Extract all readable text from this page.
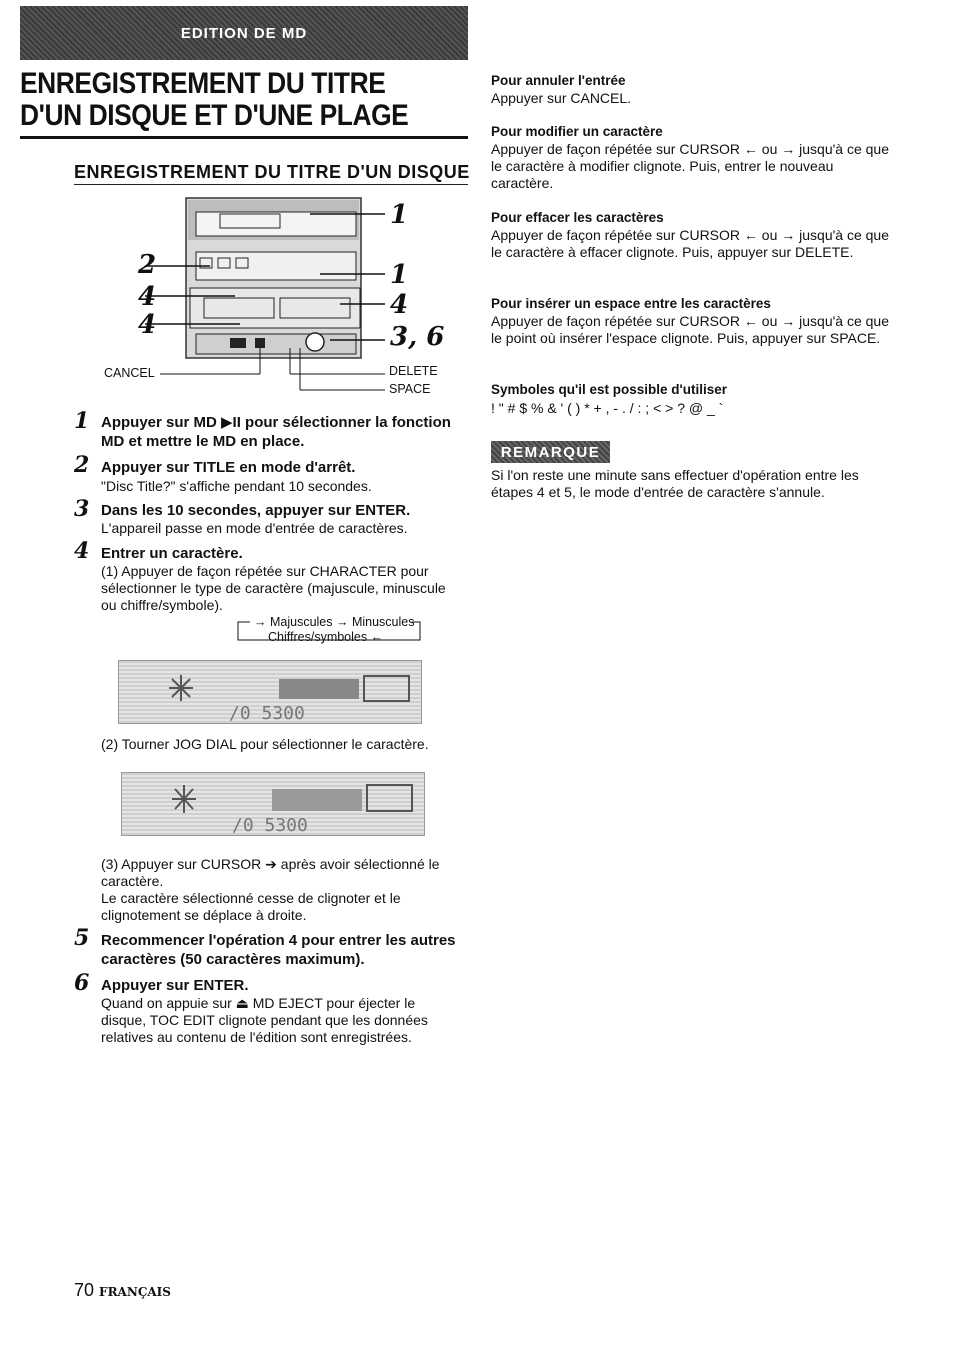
EDITION DE MD
ENREGISTREMENT DU TITRE
D'UN DISQUE ET D'UNE PLAGE
ENREGISTREMENT DU TITRE D'UN DISQUE
1
2	1
4	4
4	3, 6
CANCEL	DELETE
SPACE
1 Appuyer sur MD ▶II pour sélectionner la fonction MD et mettre le MD en place.
2 Appuyer sur TITLE en mode d'arrêt.
"Disc Title?" s'affiche pendant 10 secondes.
3 Dans les 10 secondes, appuyer sur ENTER.
L'appareil passe en mode d'entrée de caractères.
4 Entrer un caractère.
(1) Appuyer de façon répétée sur CHARACTER pour sélectionner le type de caractère (majuscule, minuscule ou chiffre/symbole).
→ Majuscules → Minuscules
Chiffres/symboles ←
/0 5300
(2) Tourner JOG DIAL pour sélectionner le caractère.
/0 5300
(3) Appuyer sur CURSOR ➔ après avoir sélectionné le caractère.
Le caractère sélectionné cesse de clignoter et le clignotement se déplace à droite.
5 Recommencer l'opération 4 pour entrer les autres caractères (50 caractères maximum).
6 Appuyer sur ENTER.
Quand on appuie sur ⏏ MD EJECT pour éjecter le disque, TOC EDIT clignote pendant que les données relatives au contenu de l'édition sont enregistrées.
Pour annuler l'entrée
Appuyer sur CANCEL.
Pour modifier un caractère
Appuyer de façon répétée sur CURSOR ← ou → jusqu'à ce que le caractère à modifier clignote. Puis, entrer le nouveau caractère.
Pour effacer les caractères
Appuyer de façon répétée sur CURSOR ← ou → jusqu'à ce que le caractère à effacer clignote. Puis, appuyer sur DELETE.
Pour insérer un espace entre les caractères
Appuyer de façon répétée sur CURSOR ← ou → jusqu'à ce que le point où insérer l'espace clignote. Puis, appuyer sur SPACE.
Symboles qu'il est possible d'utiliser
! " # $ % & ' ( ) * + , - . / : ; < > ? @ _ `
REMARQUE
Si l'on reste une minute sans effectuer d'opération entre les étapes 4 et 5, le mode d'entrée de caractère s'annule.
70 FRANÇAIS
